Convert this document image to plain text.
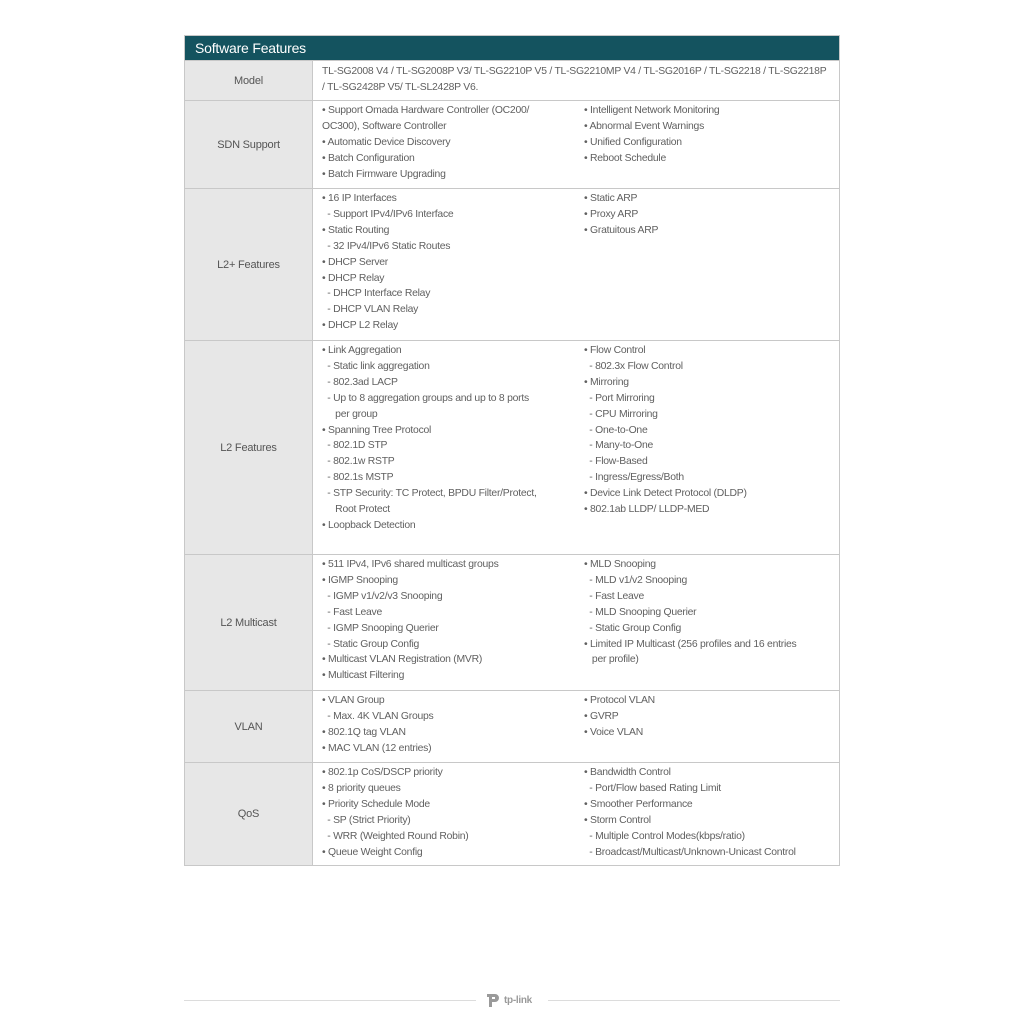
Software Features
Model
TL-SG2008 V4 / TL-SG2008P V3/ TL-SG2210P V5 / TL-SG2210MP V4 / TL-SG2016P / TL-SG2218 / TL-SG2218P / TL-SG2428P V5/ TL-SL2428P V6.
SDN Support
• Support Omada Hardware Controller (OC200/
OC300), Software Controller
• Automatic Device Discovery
• Batch Configuration
• Batch Firmware Upgrading
• Intelligent Network Monitoring
• Abnormal Event Warnings
• Unified Configuration
• Reboot Schedule
L2+ Features
• 16 IP Interfaces
- Support IPv4/IPv6 Interface
• Static Routing
- 32 IPv4/IPv6 Static Routes
• DHCP Server
• DHCP Relay
- DHCP Interface Relay
- DHCP VLAN Relay
• DHCP L2 Relay
• Static ARP
• Proxy ARP
• Gratuitous ARP
L2 Features
• Link Aggregation
- Static link aggregation
- 802.3ad LACP
- Up to 8 aggregation groups and up to 8 ports
per group
• Spanning Tree Protocol
- 802.1D STP
- 802.1w RSTP
- 802.1s MSTP
- STP Security: TC Protect, BPDU Filter/Protect,
Root Protect
• Loopback Detection
• Flow Control
- 802.3x Flow Control
• Mirroring
- Port Mirroring
- CPU Mirroring
- One-to-One
- Many-to-One
- Flow-Based
- Ingress/Egress/Both
• Device Link Detect Protocol (DLDP)
• 802.1ab LLDP/ LLDP-MED
L2 Multicast
• 511 IPv4, IPv6 shared multicast groups
• IGMP Snooping
- IGMP v1/v2/v3 Snooping
- Fast Leave
- IGMP Snooping Querier
- Static Group Config
• Multicast VLAN Registration (MVR)
• Multicast Filtering
• MLD Snooping
- MLD v1/v2 Snooping
- Fast Leave
- MLD Snooping Querier
- Static Group Config
• Limited IP Multicast (256 profiles and 16 entries
per profile)
VLAN
• VLAN Group
- Max. 4K VLAN Groups
• 802.1Q tag VLAN
• MAC VLAN (12 entries)
• Protocol VLAN
• GVRP
• Voice VLAN
QoS
• 802.1p CoS/DSCP priority
• 8 priority queues
• Priority Schedule Mode
- SP (Strict Priority)
- WRR (Weighted Round Robin)
• Queue Weight Config
• Bandwidth Control
- Port/Flow based Rating Limit
• Smoother Performance
• Storm Control
- Multiple Control Modes(kbps/ratio)
- Broadcast/Multicast/Unknown-Unicast Control
tp-link
